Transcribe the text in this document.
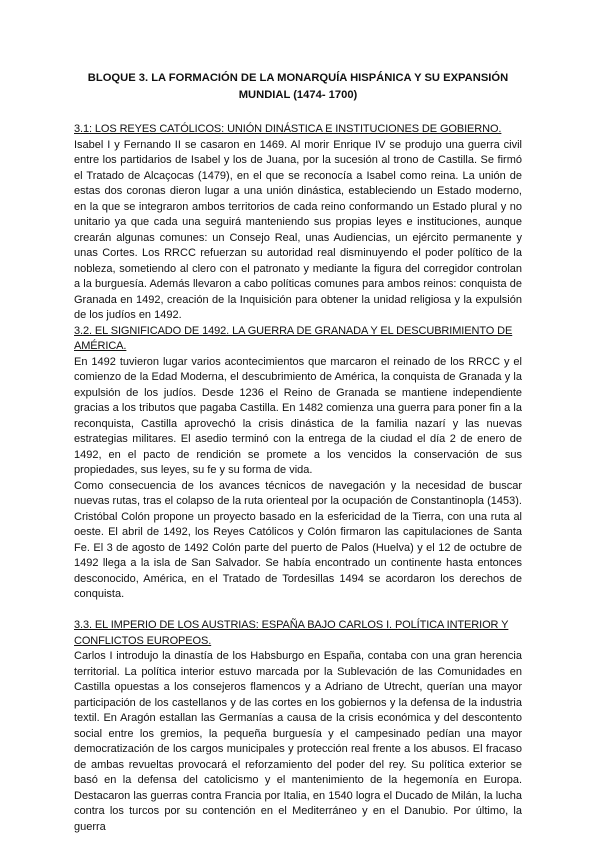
BLOQUE 3. LA FORMACIÓN DE LA MONARQUÍA HISPÁNICA Y SU EXPANSIÓN MUNDIAL (1474- 1700)

3.1: LOS REYES CATÓLICOS: UNIÓN DINÁSTICA E INSTITUCIONES DE GOBIERNO.

Isabel I y Fernando II se casaron en 1469. Al morir Enrique IV se produjo una guerra civil entre los partidarios de Isabel y los de Juana, por la sucesión al trono de Castilla. Se firmó el Tratado de Alcaçocas (1479), en el que se reconocía a Isabel como reina. La unión de estas dos coronas dieron lugar a una unión dinástica, estableciendo un Estado moderno, en la que se integraron ambos territorios de cada reino conformando un Estado plural y no unitario ya que cada una seguirá manteniendo sus propias leyes e instituciones, aunque crearán algunas comunes: un Consejo Real, unas Audiencias, un ejército permanente y unas Cortes. Los RRCC refuerzan su autoridad real disminuyendo el poder político de la nobleza, sometiendo al clero con el patronato y mediante la figura del corregidor controlan a la burguesía. Además llevaron a cabo políticas comunes para ambos reinos: conquista de Granada en 1492, creación de la Inquisición para obtener la unidad religiosa y la expulsión de los judíos en 1492.

3.2. EL SIGNIFICADO DE 1492. LA GUERRA DE GRANADA Y EL DESCUBRIMIENTO DE AMÉRICA.

En 1492 tuvieron lugar varios acontecimientos que marcaron el reinado de los RRCC y el comienzo de la Edad Moderna, el descubrimiento de América, la conquista de Granada y la expulsión de los judíos. Desde 1236 el Reino de Granada se mantiene independiente gracias a los tributos que pagaba Castilla. En 1482 comienza una guerra para poner fin a la reconquista, Castilla aprovechó la crisis dinástica de la familia nazarí y las nuevas estrategias militares. El asedio terminó con la entrega de la ciudad el día 2 de enero de 1492, en el pacto de rendición se promete a los vencidos la conservación de sus propiedades, sus leyes, su fe y su forma de vida.

Como consecuencia de los avances técnicos de navegación y la necesidad de buscar nuevas rutas, tras el colapso de la ruta orienteal por la ocupación de Constantinopla (1453). Cristóbal Colón propone un proyecto basado en la esfericidad de la Tierra, con una ruta al oeste. El abril de 1492, los Reyes Católicos y Colón firmaron las capitulaciones de Santa Fe. El 3 de agosto de 1492 Colón parte del puerto de Palos (Huelva) y el 12 de octubre de 1492 llega a la isla de San Salvador. Se había encontrado un continente hasta entonces desconocido, América, en el Tratado de Tordesillas 1494 se acordaron los derechos de conquista.

3.3. EL IMPERIO DE LOS AUSTRIAS: ESPAÑA BAJO CARLOS I. POLÍTICA INTERIOR Y CONFLICTOS EUROPEOS.

Carlos I introdujo la dinastía de los Habsburgo en España, contaba con una gran herencia territorial. La política interior estuvo marcada por la Sublevación de las Comunidades en Castilla opuestas a los consejeros flamencos y a Adriano de Utrecht, querían una mayor participación de los castellanos y de las cortes en los gobiernos y la defensa de la industria textil. En Aragón estallan las Germanías a causa de la crisis económica y del descontento social entre los gremios, la pequeña burguesía y el campesinado pedían una mayor democratización de los cargos municipales y protección real frente a los abusos. El fracaso de ambas revueltas provocará el reforzamiento del poder del rey. Su política exterior se basó en la defensa del catolicismo y el mantenimiento de la hegemonía en Europa. Destacaron las guerras contra Francia por Italia, en 1540 logra el Ducado de Milán, la lucha contra los turcos por su contención en el Mediterráneo y en el Danubio. Por último, la guerra
